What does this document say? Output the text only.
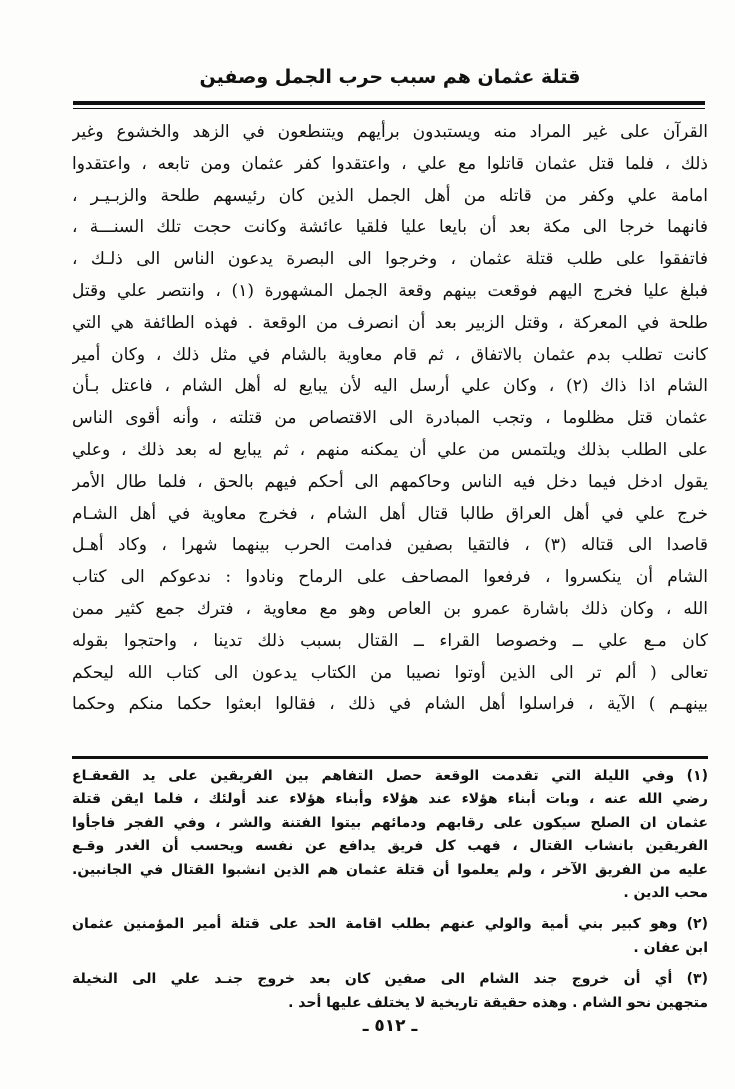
قتلة عثمان هم سبب حرب الجمل وصفين
القرآن على غير المراد منه ويستبدون برأيهم ويتنطعون في الزهد والخشوع وغير
ذلك ، فلما قتل عثمان قاتلوا مع علي ، واعتقدوا كفر عثمان ومن تابعه ، واعتقدوا
امامة علي وكفر من قاتله من أهل الجمل الذين كان رئيسهم طلحة والزبـيـر ،
فانهما خرجا الى مكة بعد أن بايعا عليا فلقيا عائشة وكانت حجت تلك السنـــة ،
فاتفقوا على طلب قتلة عثمان ، وخرجوا الى البصرة يدعون الناس الى ذلـك ،
فبلغ عليا فخرج اليهم فوقعت بينهم وقعة الجمل المشهورة (١) ، وانتصر علي وقتل
طلحة في المعركة ، وقتل الزبير بعد أن انصرف من الوقعة . فهذه الطائفة هي التي
كانت تطلب بدم عثمان بالاتفاق ، ثم قام معاوية بالشام في مثل ذلك ، وكان أمير
الشام اذا ذاك (٢) ، وكان علي أرسل اليه لأن يبايع له أهل الشام ، فاعتل بـأن
عثمان قتل مظلوما ، وتجب المبادرة الى الاقتصاص من قتلته ، وأنه أقوى الناس
على الطلب بذلك ويلتمس من علي أن يمكنه منهم ، ثم يبايع له بعد ذلك ، وعلي
يقول ادخل فيما دخل فيه الناس وحاكمهم الى أحكم فيهم بالحق ، فلما طال الأمر
خرج علي في أهل العراق طالبا قتال أهل الشام ، فخرج معاوية في أهل الشـام
قاصدا الى قتاله (٣) ، فالتقيا بصفين فدامت الحرب بينهما شهرا ، وكاد أهـل
الشام أن ينكسروا ، فرفعوا المصاحف على الرماح ونادوا : ندعوكم الى كتاب
الله ، وكان ذلك باشارة عمرو بن العاص وهو مع معاوية ، فترك جمع كثير ممن
كان مـع علي ــ وخصوصا القراء ــ القتال بسبب ذلك تدينا ، واحتجوا بقوله
تعالى ( ألم تر الى الذين أوتوا نصيبا من الكتاب يدعون الى كتاب الله ليحكم
بينهـم ) الآية ، فراسلوا أهل الشام في ذلك ، فقالوا ابعثوا حكما منكم وحكما
(١) وفي الليلة التي تقدمت الوقعة حصل التفاهم بين الفريقين على يد القعقـاع
رضي الله عنه ، وبات أبناء هؤلاء عند هؤلاء وأبناء هؤلاء عند أولئك ، فلما ايقن قتلة
عثمان ان الصلح سيكون على رقابهم ودمائهم بيتوا الفتنة والشر ، وفي الفجر فاجأوا
الفريقين بانشاب القتال ، فهب كل فريق يدافع عن نفسه ويحسب أن الغدر وقـع
عليه من الفريق الآخر ، ولم يعلموا أن قتلة عثمان هم الذين انشبوا القتال في الجانبين.
محب الدين .
(٢) وهو كبير بني أمية والولي عنهم بطلب اقامة الحد على قتلة أمير المؤمنين عثمان
ابن عفان .
(٣) أي أن خروج جند الشام الى صفين كان بعد خروج جنـد علي الى النخيلة
متجهين نحو الشام . وهذه حقيقة تاريخية لا يختلف عليها أحد .
ـ ٥١٢ ـ
